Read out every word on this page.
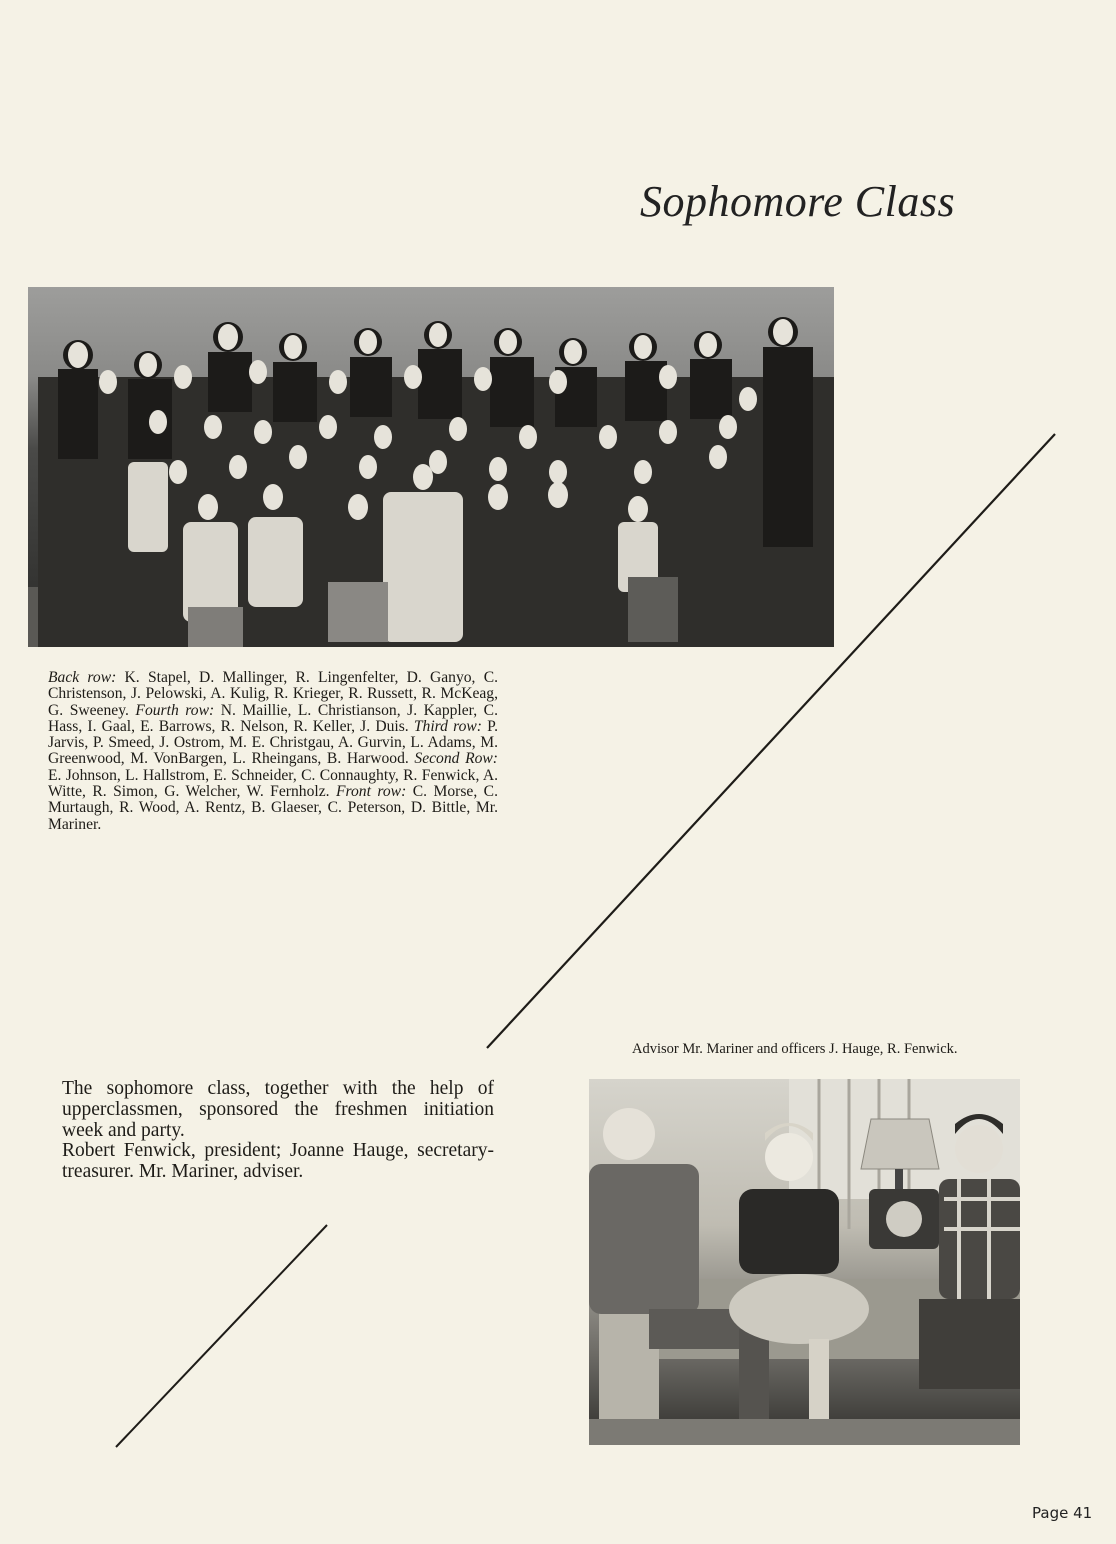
Sophomore Class
Back row: K. Stapel, D. Mallinger, R. Lingenfelter, D. Ganyo, C. Christenson, J. Pelowski, A. Kulig, R. Krieger, R. Russett, R. McKeag, G. Sweeney. Fourth row: N. Maillie, L. Christianson, J. Kappler, C. Hass, I. Gaal, E. Barrows, R. Nelson, R. Keller, J. Duis. Third row: P. Jarvis, P. Smeed, J. Ostrom, M. E. Christgau, A. Gurvin, L. Adams, M. Greenwood, M. VonBargen, L. Rheingans, B. Harwood. Second Row: E. Johnson, L. Hallstrom, E. Schneider, C. Connaughty, R. Fenwick, A. Witte, R. Simon, G. Welcher, W. Fernholz. Front row: C. Morse, C. Murtaugh, R. Wood, A. Rentz, B. Glaeser, C. Peterson, D. Bittle, Mr. Mariner.
Advisor Mr. Mariner and officers J. Hauge, R. Fenwick.

The sophomore class, together with the help of upperclassmen, sponsored the freshmen initiation week and party.

Robert Fenwick, president; Joanne Hauge, secretary-treasurer. Mr. Mariner, adviser.

Page 41
